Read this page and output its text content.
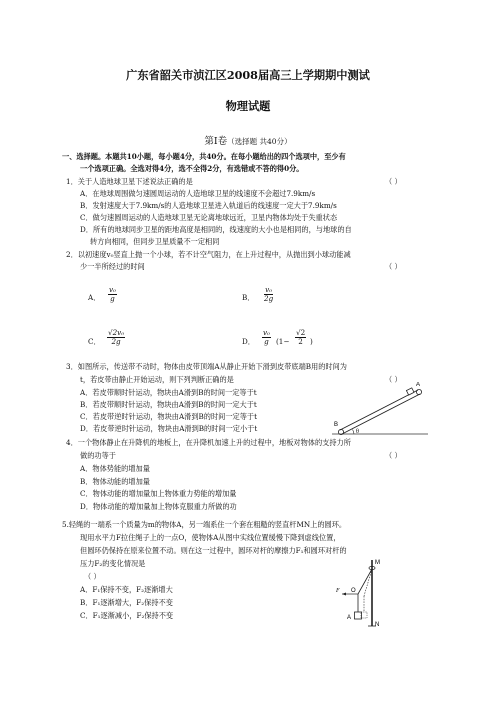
广东省韶关市浈江区2008届高三上学期期中测试
物理试题
第Ⅰ卷（选择题 共40分）
一、选择题。本题共10小题，每小题4分，共40分。在每小题给出的四个选项中，至少有
一个选项正确。全选对得4分，选不全得2分，有选错或不答的得0分。
1．关于人造地球卫星下述说法正确的是	（ ）
A．在地球周围做匀速圆周运动的人造地球卫星的线速度不会超过7.9km/s
B．发射速度大于7.9km/s的人造地球卫星进入轨道后的线速度一定大于7.9km/s
C．做匀速圆周运动的人造地球卫星无论离地球远近，卫星内物体均处于失重状态
D．所有的地球同步卫星的距地高度是相同的，线速度的大小也是相同的，与地球的自
转方向相同，但同步卫星质量不一定相同
2．以初速度v₀竖直上抛一个小球，若不计空气阻力，在上升过程中，从抛出到小球动能减
少一半所经过的时间	（ ）
A． $\frac{\text{v₀}}{g}$	B． $\frac{\text{v₀}}{2g}$
C． $\frac{\text{√2v₀}}{2g}$	D． $\frac{\text{v₀}}{g} (1- \frac{√2}{2}$ )
3．如图所示，传送带不动时，物体由皮带顶端A从静止开始下滑到皮带底端B用的时间为
t，若皮带由静止开始运动，则下列判断正确的是	（ ）
A．若皮带顺时针运动，物块由A滑到B的时间一定等于t
B．若皮带顺时针运动，物块由A滑到B的时间一定大于t
C．若皮带逆时针运动，物块由A滑到B的时间一定等于t
D．若皮带逆时针运动，物块由A滑到B的时间一定小于t
A
B
θ
4．一个物体静止在升降机的地板上，在升降机加速上升的过程中，地板对物体的支持力所
做的功等于	（ ）
A．物体势能的增加量
B．物体动能的增加量
C．物体动能的增加量加上物体重力势能的增加量
D．物体动能的增加量加上物体克服重力所做的功
5.轻绳的一端系一个质量为m的物体A，另一端系住一个套在粗糙的竖直杆MN上的圆环。
现用水平力F拉住绳子上的一点O，使物体A从图中实线位置缓慢下降到虚线位置，
但圆环仍保持在原来位置不动。则在这一过程中，圆环对杆的摩擦力F₁和圆环对杆的
压力F₂的变化情况是
（ ）
A．F₁保持不变，F₂逐渐增大
B．F₁逐渐增大，F₂保持不变
C．F₁逐渐减小，F₂保持不变
M
N
F O
A
